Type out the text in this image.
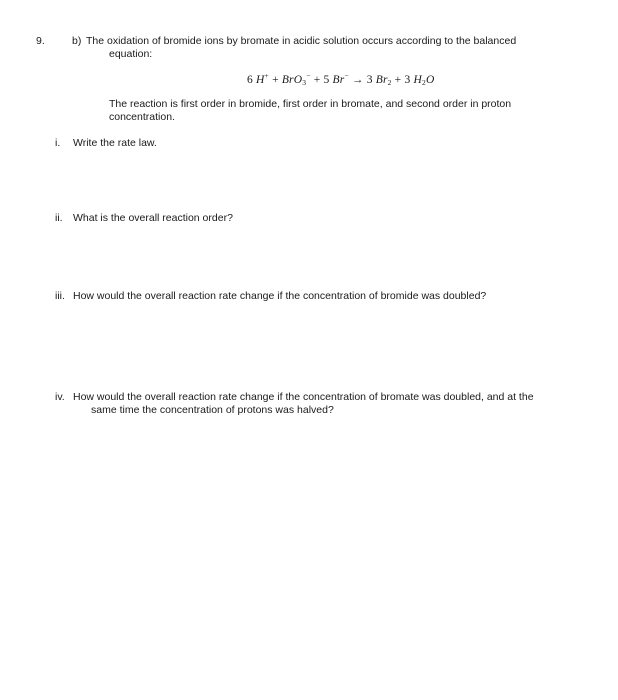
9.	b) The oxidation of bromide ions by bromate in acidic solution occurs according to the balanced
equation:
6 H+ + BrO$_3$− + 5 Br− → 3 $Br_2 + 3$ $H_2O$
The reaction is first order in bromide, first order in bromate, and second order in proton
concentration.
i. Write the rate law.
ii. What is the overall reaction order?
iii. How would the overall reaction rate change if the concentration of bromide was doubled?
iv. How would the overall reaction rate change if the concentration of bromate was doubled, and at the
same time the concentration of protons was halved?
